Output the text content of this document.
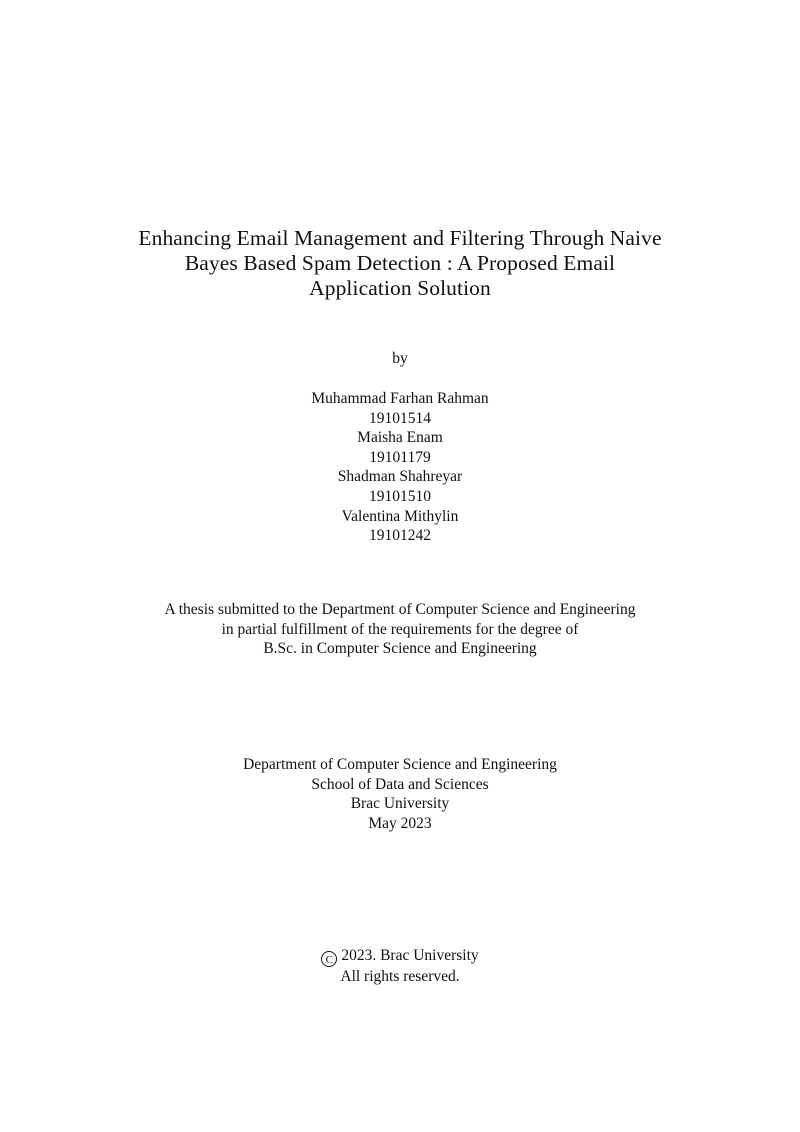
Enhancing Email Management and Filtering Through Naive
Bayes Based Spam Detection : A Proposed Email
Application Solution
by
Muhammad Farhan Rahman
19101514
Maisha Enam
19101179
Shadman Shahreyar
19101510
Valentina Mithylin
19101242
A thesis submitted to the Department of Computer Science and Engineering
in partial fulfillment of the requirements for the degree of
B.Sc. in Computer Science and Engineering
Department of Computer Science and Engineering
School of Data and Sciences
Brac University
May 2023
C 2023. Brac University
All rights reserved.
